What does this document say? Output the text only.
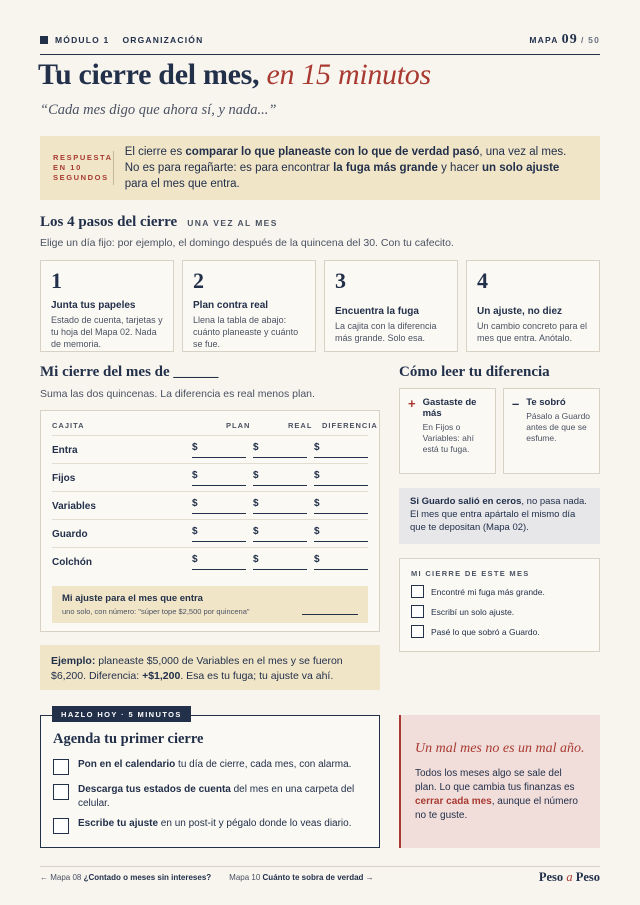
MÓDULO 1 ORGANIZACIÓN	MAPA 09 / 50
Tu cierre del mes, en 15 minutos
“Cada mes digo que ahora sí, y nada...”
RESPUESTA
EN 10
SEGUNDOS
El cierre es comparar lo que planeaste con lo que de verdad pasó, una vez al mes. No es para regañarte: es para encontrar la fuga más grande y hacer un solo ajuste para el mes que entra.
Los 4 pasos del cierre UNA VEZ AL MES
Elige un día fijo: por ejemplo, el domingo después de la quincena del 30. Con tu cafecito.
1
Junta tus papeles
Estado de cuenta, tarjetas y tu hoja del Mapa 02. Nada de memoria.
2
Plan contra real
Llena la tabla de abajo: cuánto planeaste y cuánto se fue.
3
Encuentra la fuga
La cajita con la diferencia más grande. Solo esa.
4
Un ajuste, no diez
Un cambio concreto para el mes que entra. Anótalo.
Mi cierre del mes de ______
Suma las dos quincenas. La diferencia es real menos plan.
CAJITA	PLAN	REAL DIFERENCIA
Entra	$	$	$
Fijos	$	$	$
Variables	$	$	$
Guardo	$	$	$
Colchón	$	$	$
Mi ajuste para el mes que entra
uno solo, con número: "súper tope $2,500 por quincena"
Ejemplo: planeaste $5,000 de Variables en el mes y se fueron $6,200. Diferencia: +$1,200. Esa es tu fuga; tu ajuste va ahí.
Cómo leer tu diferencia
+ Gastaste de más
En Fijos o Variables: ahí está tu fuga.
– Te sobró
Pásalo a Guardo antes de que se esfume.
Si Guardo salió en ceros, no pasa nada. El mes que entra apártalo el mismo día que te depositan (Mapa 02).
MI CIERRE DE ESTE MES
Encontré mi fuga más grande.
Escribí un solo ajuste.
Pasé lo que sobró a Guardo.
Agenda tu primer cierre
Pon en el calendario tu día de cierre, cada mes, con alarma.
Descarga tus estados de cuenta del mes en una carpeta del celular.
Escribe tu ajuste en un post-it y pégalo donde lo veas diario.
HAZLO HOY · 5 MINUTOS
Un mal mes no es un mal año.
Todos los meses algo se sale del plan. Lo que cambia tus finanzas es cerrar cada mes, aunque el número no te guste.
← Mapa 08 ¿Contado o meses sin intereses? Mapa 10 Cuánto te sobra de verdad →	Peso a Peso
